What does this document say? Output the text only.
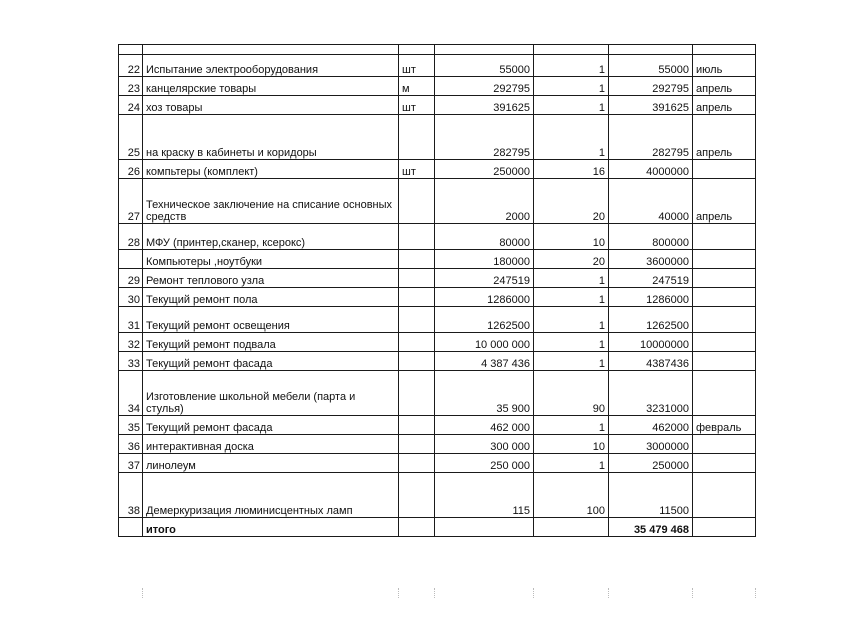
22	Испытание электрооборудования	шт	55000	1	55000	июль
23	канцелярские товары	м	292795	1	292795	апрель
24	хоз товары	шт	391625	1	391625	апрель
25	на краску в кабинеты и коридоры		282795	1	282795	апрель
26	компьтеры (комплект)	шт	250000	16	4000000	
27	Техническое заключение на списание основных средств		2000	20	40000	апрель
28	МФУ (принтер,сканер, ксерокс)		80000	10	800000	
	Компьютеры ,ноутбуки		180000	20	3600000	
29	Ремонт теплового узла		247519	1	247519	
30	Текущий ремонт пола		1286000	1	1286000	
31	Текущий ремонт освещения		1262500	1	1262500	
32	Текущий ремонт подвала		10 000 000	1	10000000	
33	Текущий ремонт фасада		4 387 436	1	4387436	
34	Изготовление школьной мебели (парта и стулья)		35 900	90	3231000	
35	Текущий ремонт фасада		462 000	1	462000	февраль
36	интерактивная доска		300 000	10	3000000	
37	линолеум		250 000	1	250000	
38	Демеркуризация люминисцентных ламп		115	100	11500	
	итого				35 479 468	
